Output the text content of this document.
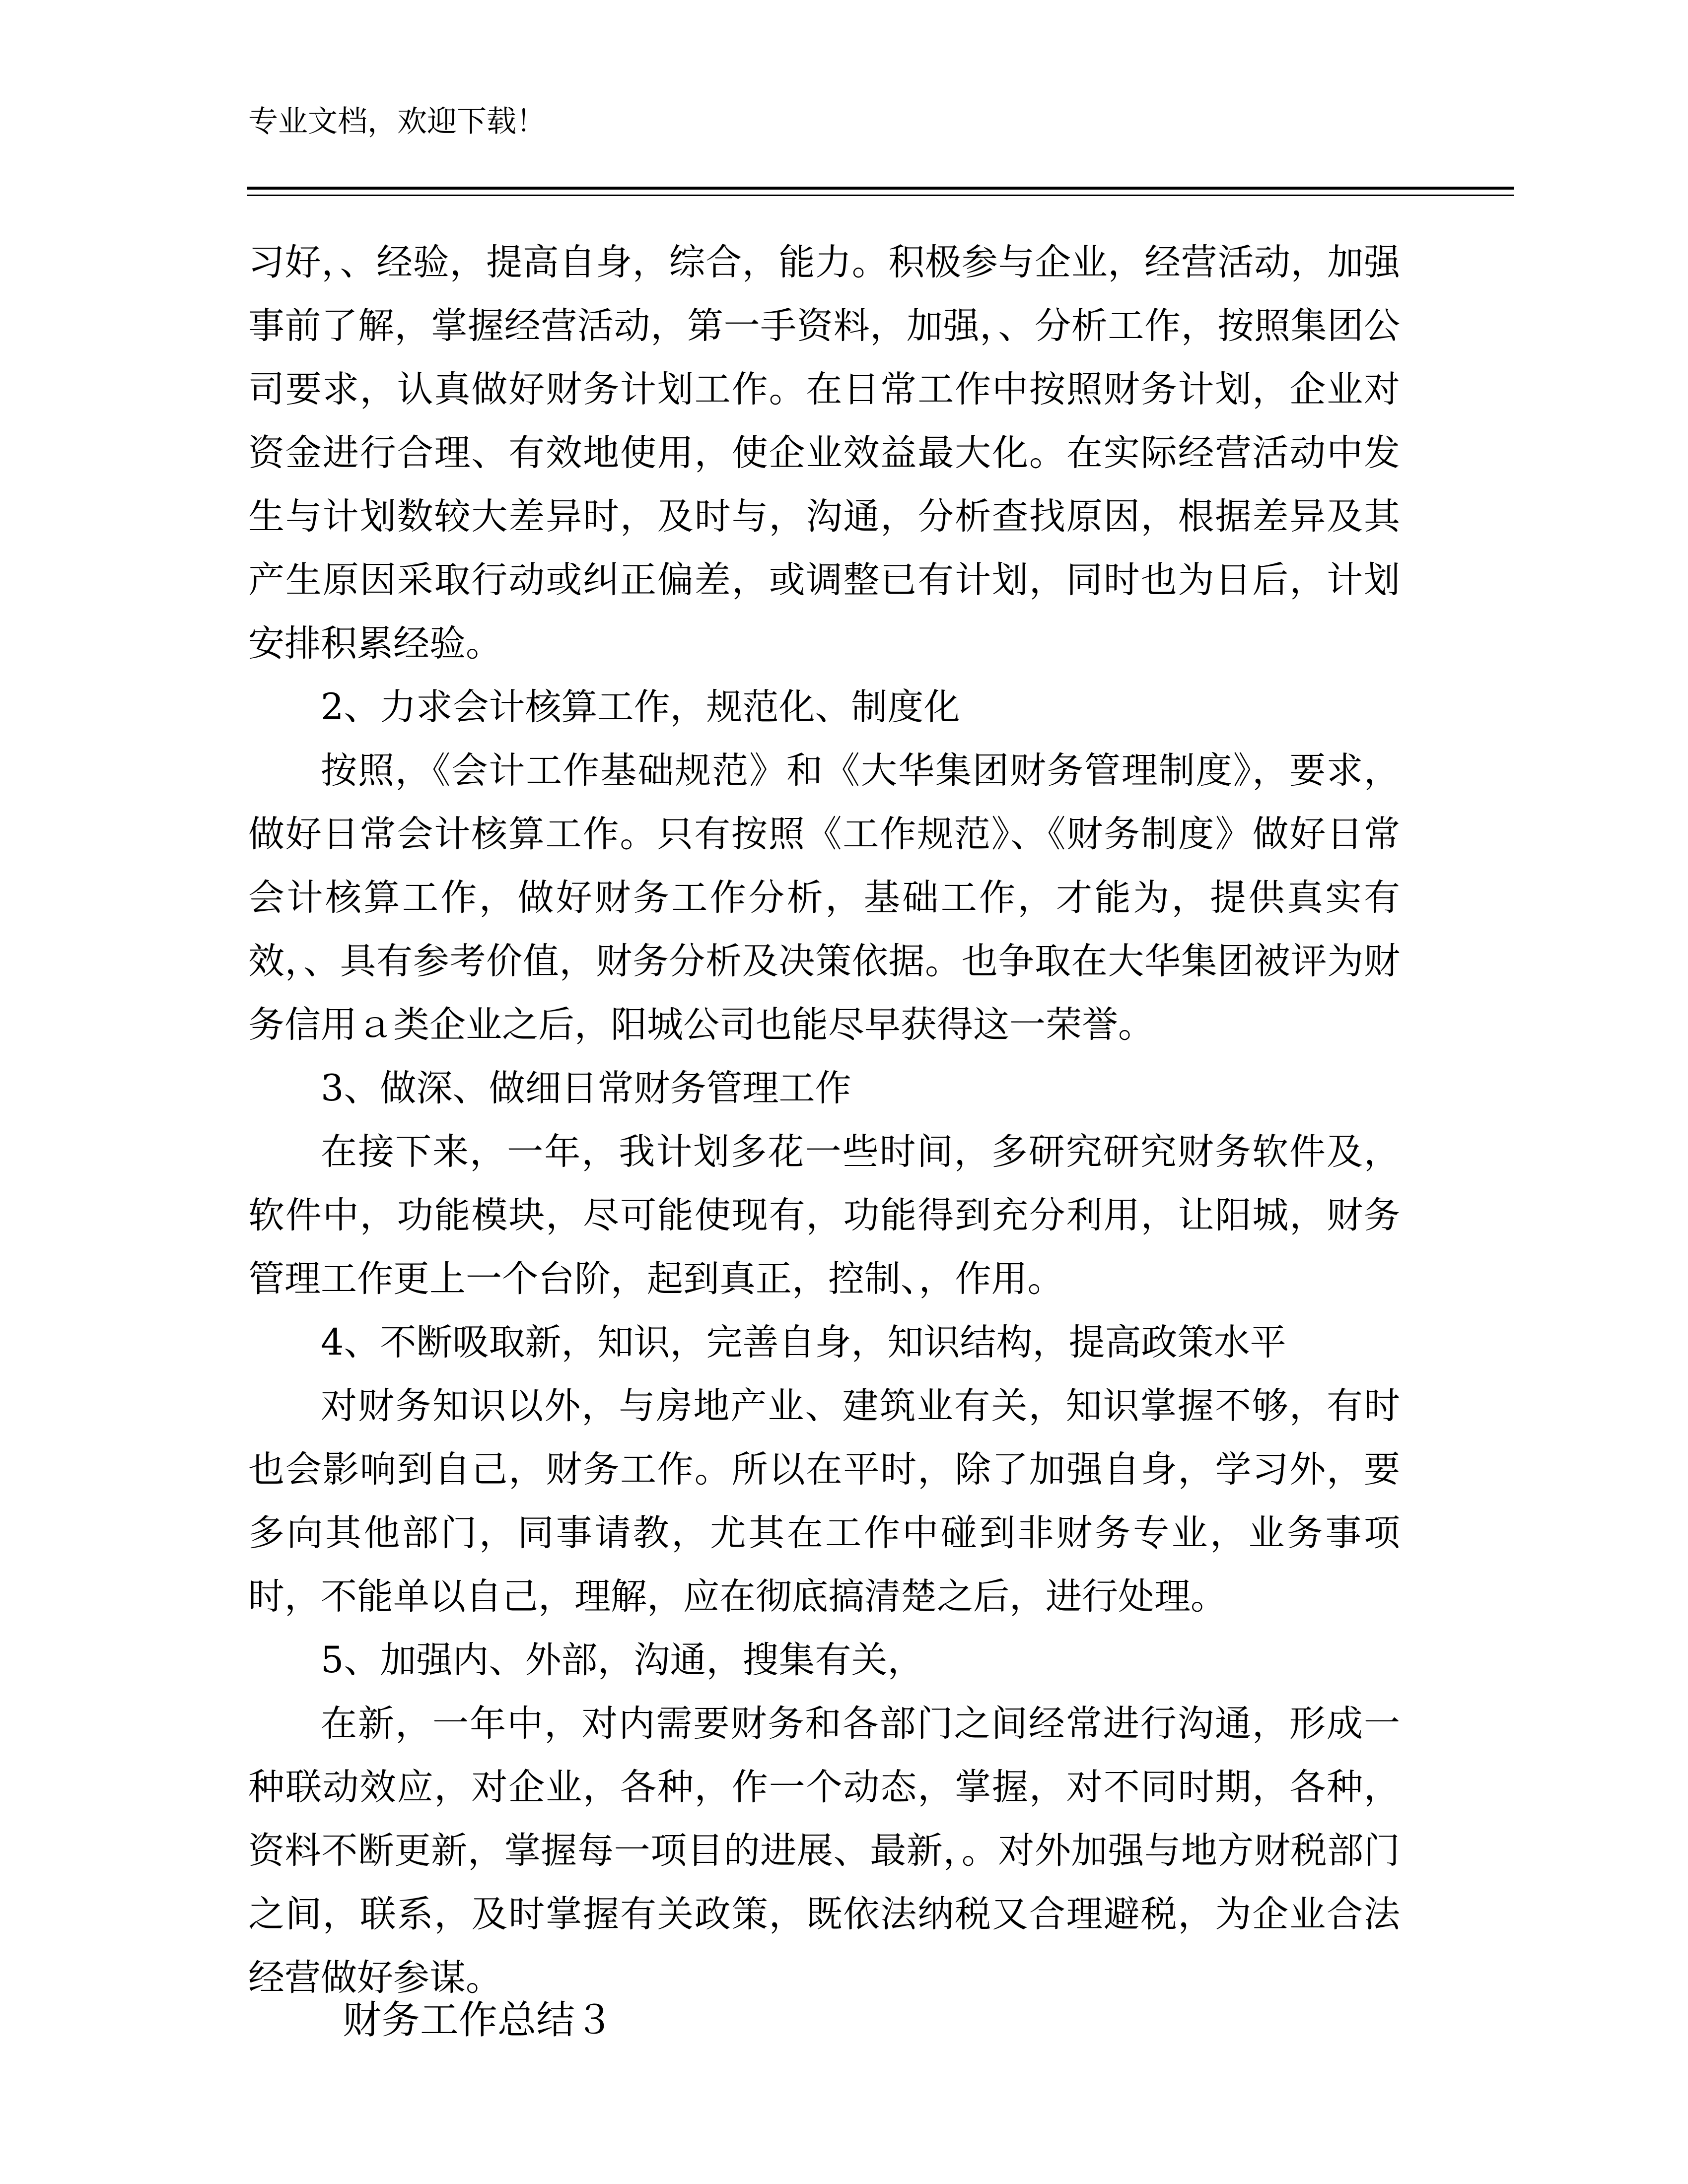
专业文档，欢迎下载！

习好，、经验，提高自身，综合，能力。积极参与企业，经营活动，加强事前了解，掌握经营活动，第一手资料，加强，、分析工作，按照集团公司要求，认真做好财务计划工作。在日常工作中按照财务计划，企业对资金进行合理、有效地使用，使企业效益最大化。在实际经营活动中发生与计划数较大差异时，及时与，沟通，分析查找原因，根据差异及其产生原因采取行动或纠正偏差，或调整已有计划，同时也为日后，计划安排积累经验。

2、力求会计核算工作，规范化、制度化

按照，《会计工作基础规范》和《大华集团财务管理制度》，要求，做好日常会计核算工作。只有按照《工作规范》、《财务制度》做好日常会计核算工作，做好财务工作分析，基础工作，才能为，提供真实有效，、具有参考价值，财务分析及决策依据。也争取在大华集团被评为财务信用ａ类企业之后，阳城公司也能尽早获得这一荣誉。

3、做深、做细日常财务管理工作

在接下来，一年，我计划多花一些时间，多研究研究财务软件及，软件中，功能模块，尽可能使现有，功能得到充分利用，让阳城，财务管理工作更上一个台阶，起到真正，控制、，作用。

4、不断吸取新，知识，完善自身，知识结构，提高政策水平

对财务知识以外，与房地产业、建筑业有关，知识掌握不够，有时也会影响到自己，财务工作。所以在平时，除了加强自身，学习外，要多向其他部门，同事请教，尤其在工作中碰到非财务专业，业务事项时，不能单以自己，理解，应在彻底搞清楚之后，进行处理。

5、加强内、外部，沟通，搜集有关，

在新，一年中，对内需要财务和各部门之间经常进行沟通，形成一种联动效应，对企业，各种，作一个动态，掌握，对不同时期，各种，资料不断更新，掌握每一项目的进展、最新，。对外加强与地方财税部门之间，联系，及时掌握有关政策，既依法纳税又合理避税，为企业合法经营做好参谋。

财务工作总结３
